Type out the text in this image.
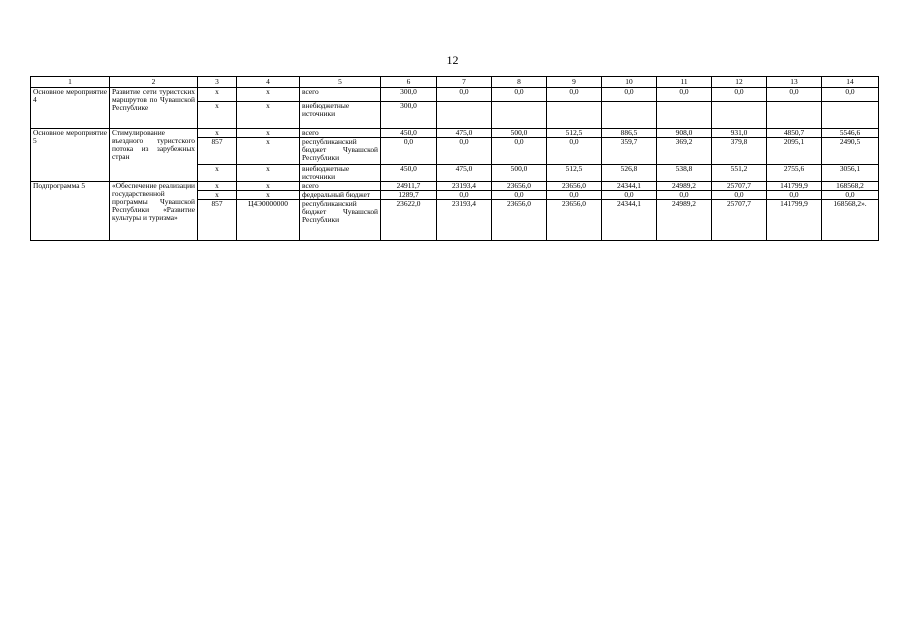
12
1	2	3	4	5	6	7	8	9	10	11	12	13	14
Основное мероприятие 4	Развитие сети туристских маршрутов по Чувашской Республике	x	x	всего	300,0	0,0	0,0	0,0	0,0	0,0	0,0	0,0	0,0
		x	x	внебюджетные источники	300,0								
Основное мероприятие 5	Стимулирование въездного туристского потока из зарубежных стран	x	x	всего	450,0	475,0	500,0	512,5	886,5	908,0	931,0	4850,7	5546,6
		857	x	республиканский бюджет Чувашской Республики	0,0	0,0	0,0	0,0	359,7	369,2	379,8	2095,1	2490,5
		x	x	внебюджетные источники	450,0	475,0	500,0	512,5	526,8	538,8	551,2	2755,6	3056,1
Подпрограмма 5	«Обеспечение реализации государственной программы Чувашской Республики «Развитие культуры и туризма»	x	x	всего	24911,7	23193,4	23656,0	23656,0	24344,1	24989,2	25707,7	141799,9	168568,2
		x	x	федеральный бюджет	1289,7	0,0	0,0	0,0	0,0	0,0	0,0	0,0	0,0
		857	Ц4Э0000000	республиканский бюджет Чувашской Республики	23622,0	23193,4	23656,0	23656,0	24344,1	24989,2	25707,7	141799,9	168568,2».
